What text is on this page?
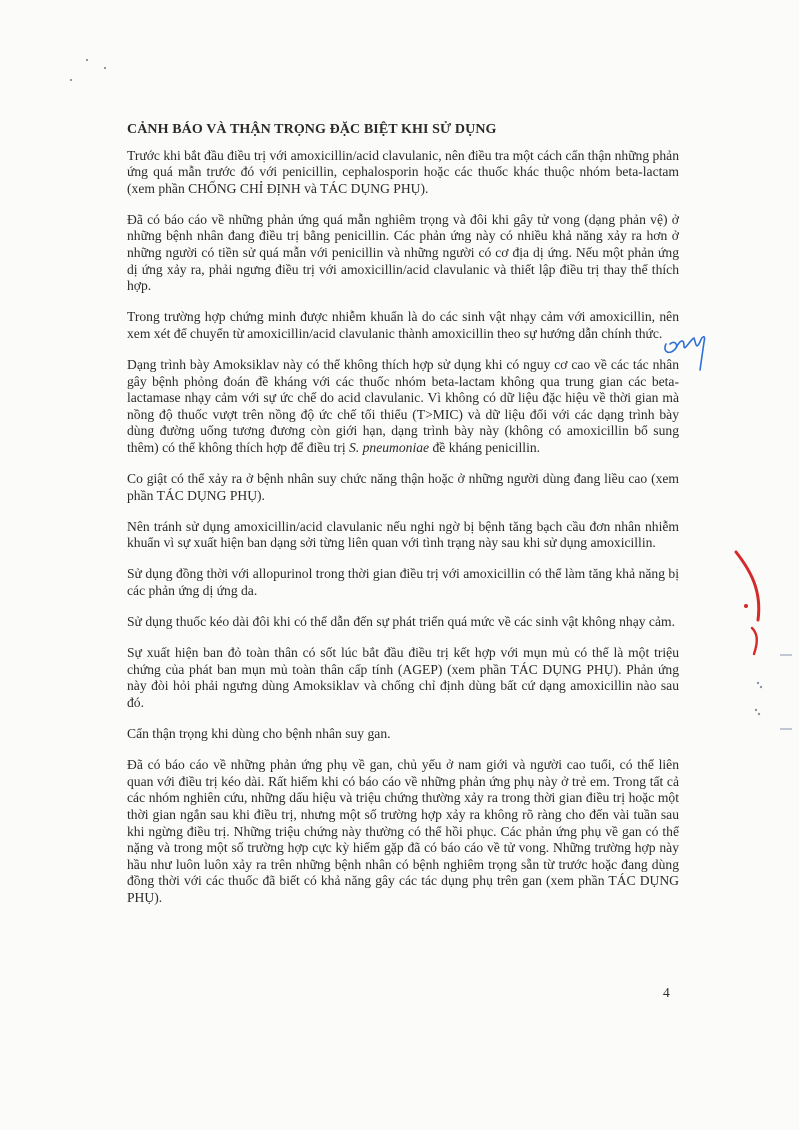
CẢNH BÁO VÀ THẬN TRỌNG ĐẶC BIỆT KHI SỬ DỤNG

Trước khi bắt đầu điều trị với amoxicillin/acid clavulanic, nên điều tra một cách cẩn thận những phản ứng quá mẫn trước đó với penicillin, cephalosporin hoặc các thuốc khác thuộc nhóm beta-lactam (xem phần CHỐNG CHỈ ĐỊNH và TÁC DỤNG PHỤ).

Đã có báo cáo về những phản ứng quá mẫn nghiêm trọng và đôi khi gây tử vong (dạng phản vệ) ở những bệnh nhân đang điều trị bằng penicillin. Các phản ứng này có nhiều khả năng xảy ra hơn ở những người có tiền sử quá mẫn với penicillin và những người có cơ địa dị ứng. Nếu một phản ứng dị ứng xảy ra, phải ngưng điều trị với amoxicillin/acid clavulanic và thiết lập điều trị thay thế thích hợp.

Trong trường hợp chứng minh được nhiễm khuẩn là do các sinh vật nhạy cảm với amoxicillin, nên xem xét để chuyển từ amoxicillin/acid clavulanic thành amoxicillin theo sự hướng dẫn chính thức.

Dạng trình bày Amoksiklav này có thể không thích hợp sử dụng khi có nguy cơ cao về các tác nhân gây bệnh phỏng đoán đề kháng với các thuốc nhóm beta-lactam không qua trung gian các beta-lactamase nhạy cảm với sự ức chế do acid clavulanic. Vì không có dữ liệu đặc hiệu về thời gian mà nồng độ thuốc vượt trên nồng độ ức chế tối thiểu (T>MIC) và dữ liệu đối với các dạng trình bày dùng đường uống tương đương còn giới hạn, dạng trình bày này (không có amoxicillin bổ sung thêm) có thể không thích hợp để điều trị S. pneumoniae đề kháng penicillin.

Co giật có thể xảy ra ở bệnh nhân suy chức năng thận hoặc ở những người dùng đang liều cao (xem phần TÁC DỤNG PHỤ).

Nên tránh sử dụng amoxicillin/acid clavulanic nếu nghi ngờ bị bệnh tăng bạch cầu đơn nhân nhiễm khuẩn vì sự xuất hiện ban dạng sởi từng liên quan với tình trạng này sau khi sử dụng amoxicillin.

Sử dụng đồng thời với allopurinol trong thời gian điều trị với amoxicillin có thể làm tăng khả năng bị các phản ứng dị ứng da.

Sử dụng thuốc kéo dài đôi khi có thể dẫn đến sự phát triển quá mức về các sinh vật không nhạy cảm.

Sự xuất hiện ban đỏ toàn thân có sốt lúc bắt đầu điều trị kết hợp với mụn mủ có thể là một triệu chứng của phát ban mụn mủ toàn thân cấp tính (AGEP) (xem phần TÁC DỤNG PHỤ). Phản ứng này đòi hỏi phải ngưng dùng Amoksiklav và chống chỉ định dùng bất cứ dạng amoxicillin nào sau đó.

Cẩn thận trọng khi dùng cho bệnh nhân suy gan.

Đã có báo cáo về những phản ứng phụ về gan, chủ yếu ở nam giới và người cao tuổi, có thể liên quan với điều trị kéo dài. Rất hiếm khi có báo cáo về những phản ứng phụ này ở trẻ em. Trong tất cả các nhóm nghiên cứu, những dấu hiệu và triệu chứng thường xảy ra trong thời gian điều trị hoặc một thời gian ngắn sau khi điều trị, nhưng một số trường hợp xảy ra không rõ ràng cho đến vài tuần sau khi ngừng điều trị. Những triệu chứng này thường có thể hồi phục. Các phản ứng phụ về gan có thể nặng và trong một số trường hợp cực kỳ hiếm gặp đã có báo cáo về tử vong. Những trường hợp này hầu như luôn luôn xảy ra trên những bệnh nhân có bệnh nghiêm trọng sẵn từ trước hoặc đang dùng đồng thời với các thuốc đã biết có khả năng gây các tác dụng phụ trên gan (xem phần TÁC DỤNG PHỤ).

4
